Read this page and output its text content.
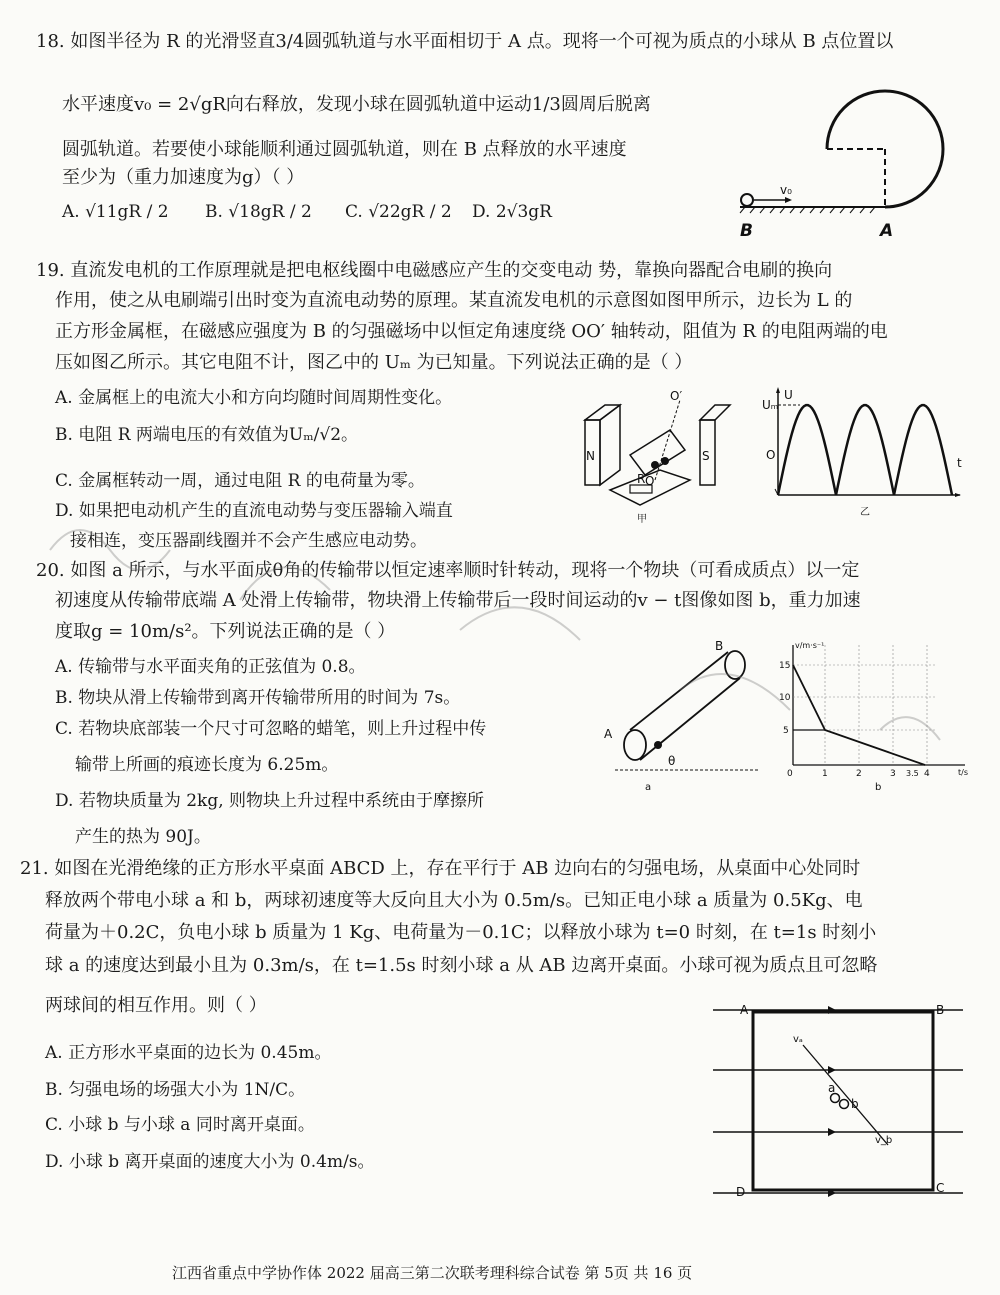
18. 如图半径为 R 的光滑竖直3/4圆弧轨道与水平面相切于 A 点。现将一个可视为质点的小球从 B 点位置以
水平速度v₀ = 2√gR向右释放，发现小球在圆弧轨道中运动1/3圆周后脱离
圆弧轨道。若要使小球能顺利通过圆弧轨道，则在 B 点释放的水平速度
至少为（重力加速度为g）（ ）
A. √11gR / 2 B. √18gR / 2 C. √22gR / 2 D. 2√3gR
v₀
B	A
19. 直流发电机的工作原理就是把电枢线圈中电磁感应产生的交变电动 势，靠换向器配合电刷的换向
作用，使之从电刷端引出时变为直流电动势的原理。某直流发电机的示意图如图甲所示，边长为 L 的
正方形金属框，在磁感应强度为 B 的匀强磁场中以恒定角速度绕 OO′ 轴转动，阻值为 R 的电阻两端的电
压如图乙所示。其它电阻不计，图乙中的 Uₘ 为已知量。下列说法正确的是（ ）
A. 金属框上的电流大小和方向均随时间周期性变化。
B. 电阻 R 两端电压的有效值为Uₘ/√2。
C. 金属框转动一周，通过电阻 R 的电荷量为零。
D. 如果把电动机产生的直流电动势与变压器输入端直
接相连，变压器副线圈并不会产生感应电动势。
N	S
O′
O
R
甲
Uₘ
U
O
t
乙
20. 如图 a 所示，与水平面成θ角的传输带以恒定速率顺时针转动，现将一个物块（可看成质点）以一定
初速度从传输带底端 A 处滑上传输带，物块滑上传输带后一段时间运动的v − t图像如图 b，重力加速
度取g = 10m/s²。下列说法正确的是（ ）
A. 传输带与水平面夹角的正弦值为 0.8。
B. 物块从滑上传输带到离开传输带所用的时间为 7s。
C. 若物块底部装一个尺寸可忽略的蜡笔，则上升过程中传
输带上所画的痕迹长度为 6.25m。
D. 若物块质量为 2kg, 则物块上升过程中系统由于摩擦所
产生的热为 90J。
A
B
θ
a
v/m·s⁻¹
t/s
15
10
5
0	1	2	3 3.5 4
b
21. 如图在光滑绝缘的正方形水平桌面 ABCD 上，存在平行于 AB 边向右的匀强电场，从桌面中心处同时
释放两个带电小球 a 和 b，两球初速度等大反向且大小为 0.5m/s。已知正电小球 a 质量为 0.5Kg、电
荷量为＋0.2C，负电小球 b 质量为 1 Kg、电荷量为－0.1C；以释放小球为 t=0 时刻，在 t=1s 时刻小
球 a 的速度达到最小且为 0.3m/s，在 t=1.5s 时刻小球 a 从 AB 边离开桌面。小球可视为质点且可忽略
两球间的相互作用。则（ ）
A. 正方形水平桌面的边长为 0.45m。
B. 匀强电场的场强大小为 1N/C。
C. 小球 b 与小球 a 同时离开桌面。
D. 小球 b 离开桌面的速度大小为 0.4m/s。
A	B
C
D
a
b
vₐ
v_b
江西省重点中学协作体 2022 届高三第二次联考理科综合试卷 第 5页 共 16 页
